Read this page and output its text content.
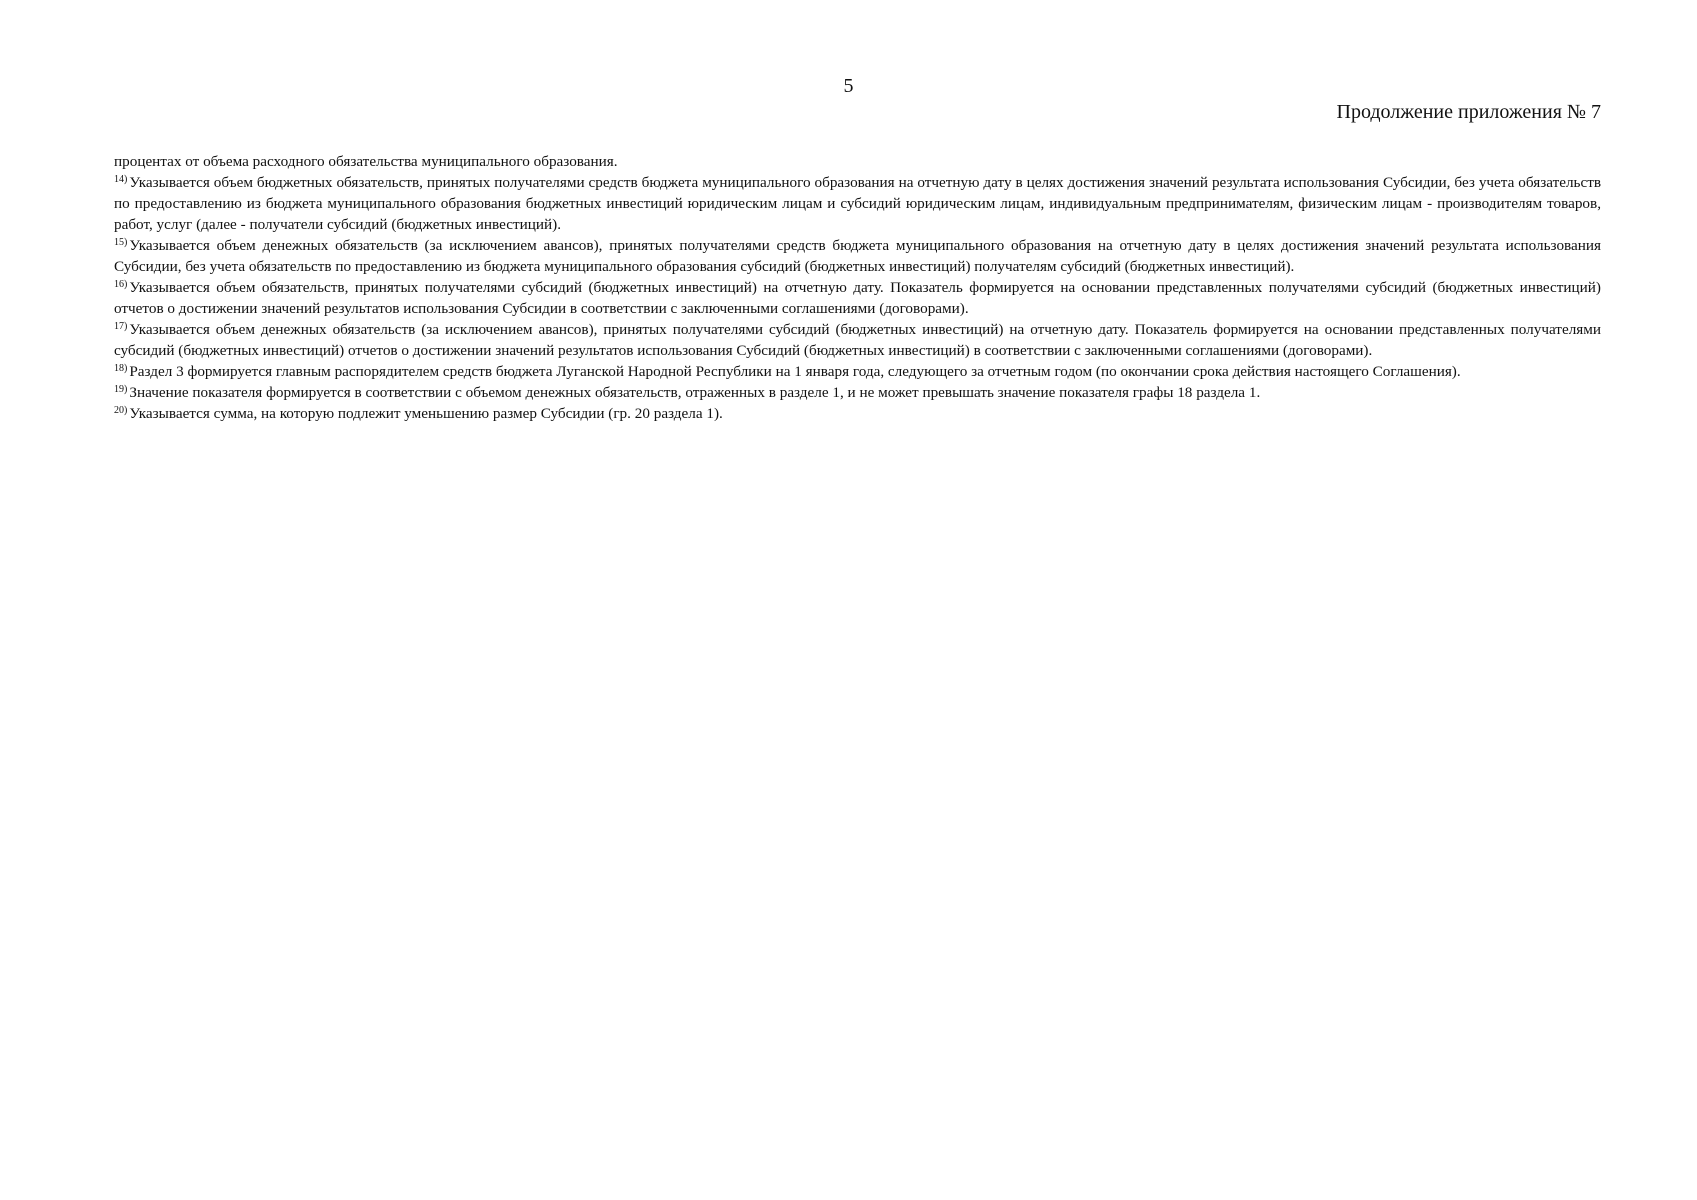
5
Продолжение приложения № 7

процентах от объема расходного обязательства муниципального образования.

$^{14)}$ Указывается объем бюджетных обязательств, принятых получателями средств бюджета муниципального образования на отчетную дату в целях достижения значений результата использования Субсидии, без учета обязательств по предоставлению из бюджета муниципального образования бюджетных инвестиций юридическим лицам и субсидий юридическим лицам, индивидуальным предпринимателям, физическим лицам - производителям товаров, работ, услуг (далее - получатели субсидий (бюджетных инвестиций).

$^{15)}$ Указывается объем денежных обязательств (за исключением авансов), принятых получателями средств бюджета муниципального образования на отчетную дату в целях достижения значений результата использования Субсидии, без учета обязательств по предоставлению из бюджета муниципального образования субсидий (бюджетных инвестиций) получателям субсидий (бюджетных инвестиций).

$^{16)}$ Указывается объем обязательств, принятых получателями субсидий (бюджетных инвестиций) на отчетную дату. Показатель формируется на основании представленных получателями субсидий (бюджетных инвестиций) отчетов о достижении значений результатов использования Субсидии в соответствии с заключенными соглашениями (договорами).

$^{17)}$ Указывается объем денежных обязательств (за исключением авансов), принятых получателями субсидий (бюджетных инвестиций) на отчетную дату. Показатель формируется на основании представленных получателями субсидий (бюджетных инвестиций) отчетов о достижении значений результатов использования Субсидий (бюджетных инвестиций) в соответствии с заключенными соглашениями (договорами).

$^{18)}$ Раздел 3 формируется главным распорядителем средств бюджета Луганской Народной Республики на 1 января года, следующего за отчетным годом (по окончании срока действия настоящего Соглашения).

$^{19)}$ Значение показателя формируется в соответствии с объемом денежных обязательств, отраженных в разделе 1, и не может превышать значение показателя графы 18 раздела 1.

$^{20)}$ Указывается сумма, на которую подлежит уменьшению размер Субсидии (гр. 20 раздела 1).
